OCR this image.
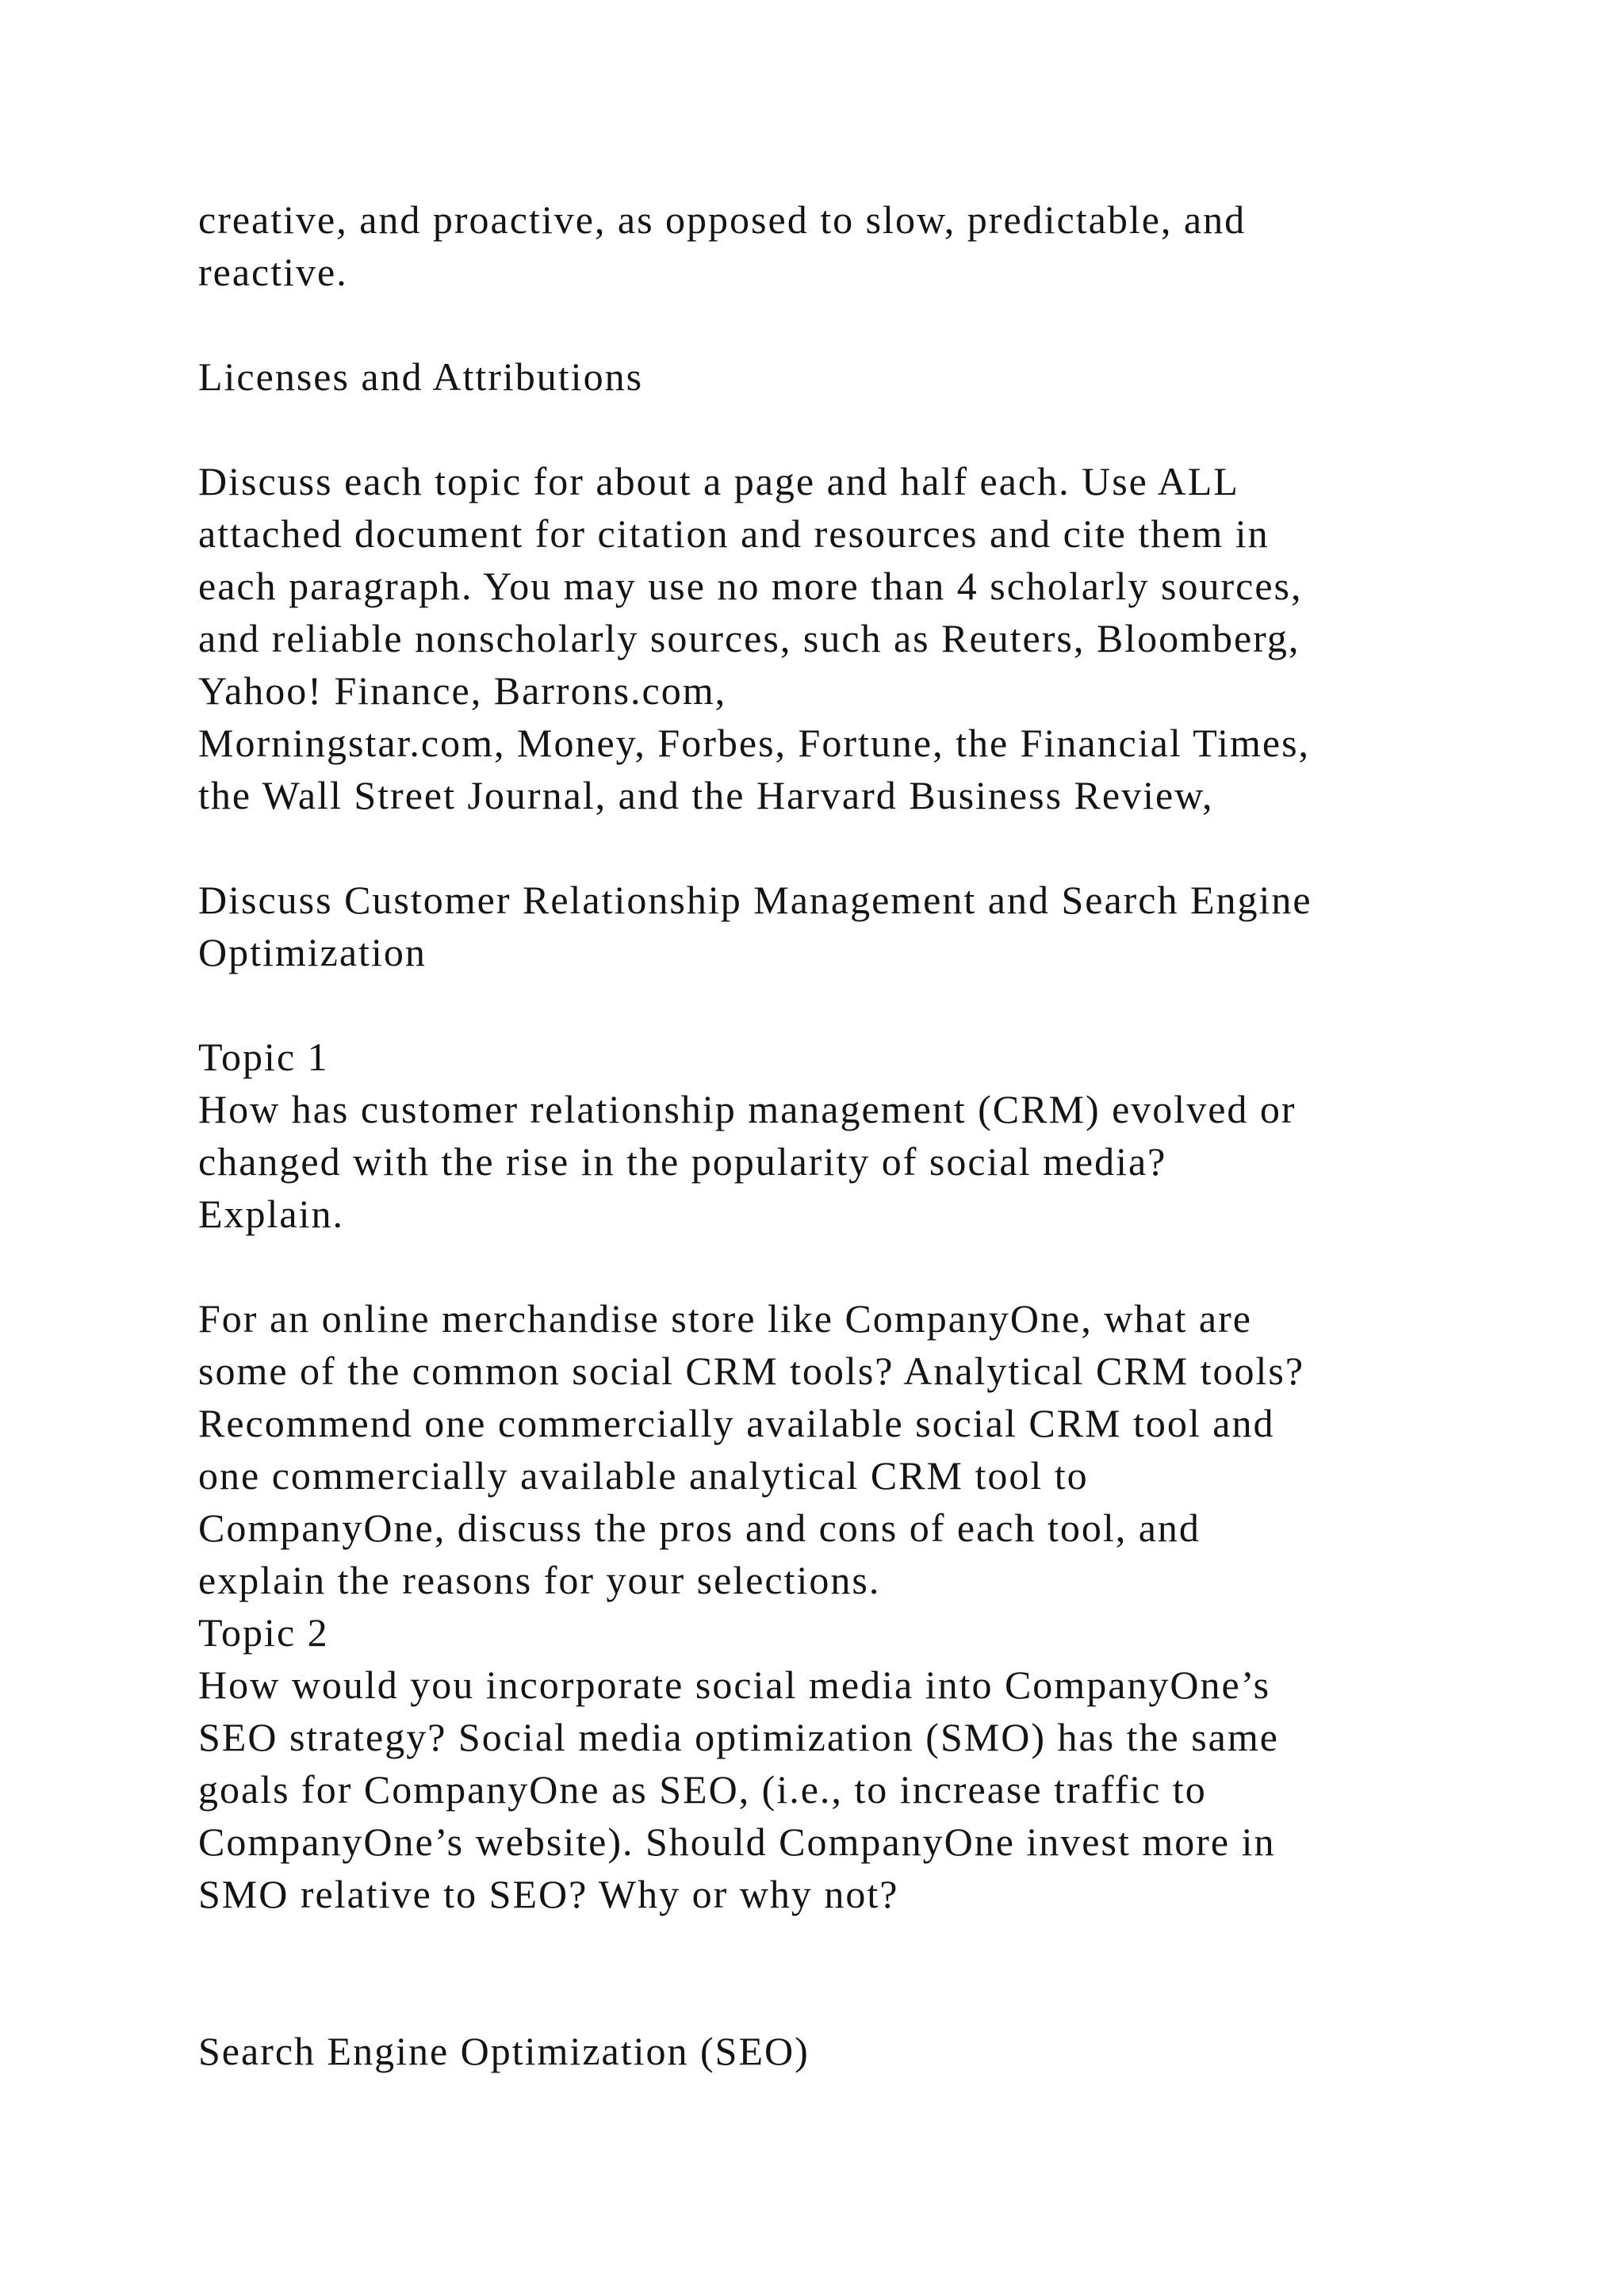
creative, and proactive, as opposed to slow, predictable, and
reactive.
Licenses and Attributions
Discuss each topic for about a page and half each. Use ALL
attached document for citation and resources and cite them in
each paragraph. You may use no more than 4 scholarly sources,
and reliable nonscholarly sources, such as Reuters, Bloomberg,
Yahoo! Finance, Barrons.com,
Morningstar.com, Money, Forbes, Fortune, the Financial Times,
the Wall Street Journal, and the Harvard Business Review,
Discuss Customer Relationship Management and Search Engine
Optimization
Topic 1
How has customer relationship management (CRM) evolved or
changed with the rise in the popularity of social media?
Explain.
For an online merchandise store like CompanyOne, what are
some of the common social CRM tools? Analytical CRM tools?
Recommend one commercially available social CRM tool and
one commercially available analytical CRM tool to
CompanyOne, discuss the pros and cons of each tool, and
explain the reasons for your selections.
Topic 2
How would you incorporate social media into CompanyOne’s
SEO strategy? Social media optimization (SMO) has the same
goals for CompanyOne as SEO, (i.e., to increase traffic to
CompanyOne’s website). Should CompanyOne invest more in
SMO relative to SEO? Why or why not?
Search Engine Optimization (SEO)
